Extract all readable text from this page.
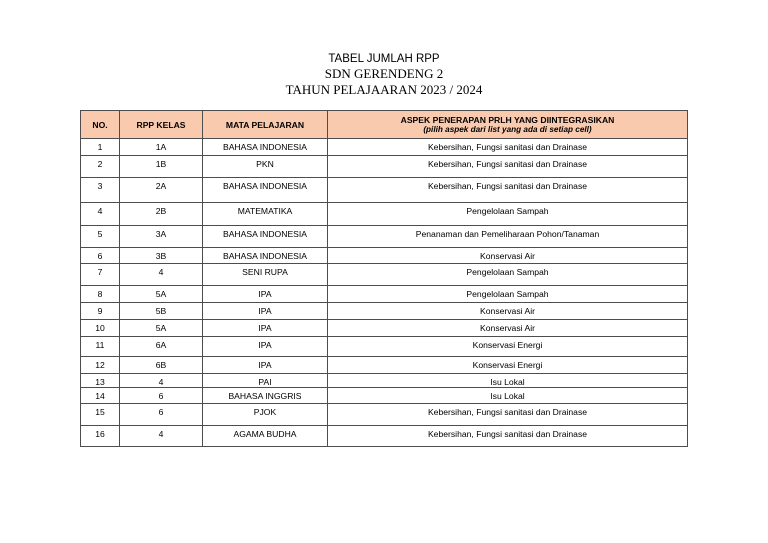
TABEL JUMLAH RPP
SDN GERENDENG 2
TAHUN PELAJAARAN 2023 / 2024
NO.	RPP KELAS	MATA PELAJARAN	ASPEK PENERAPAN PRLH YANG DIINTEGRASIKAN
(pilih aspek dari list yang ada di setiap cell)

1	1A	BAHASA INDONESIA	Kebersihan, Fungsi sanitasi dan Drainase
2	1B	PKN	Kebersihan, Fungsi sanitasi dan Drainase
3	2A	BAHASA INDONESIA	Kebersihan, Fungsi sanitasi dan Drainase
4	2B	MATEMATIKA	Pengelolaan Sampah
5	3A	BAHASA INDONESIA	Penanaman dan Pemeliharaan Pohon/Tanaman
6	3B	BAHASA INDONESIA	Konservasi Air
7	4	SENI RUPA	Pengelolaan Sampah
8	5A	IPA	Pengelolaan Sampah
9	5B	IPA	Konservasi Air
10	5A	IPA	Konservasi Air
11	6A	IPA	Konservasi Energi
12	6B	IPA	Konservasi Energi
13	4	PAI	Isu Lokal
14	6	BAHASA INGGRIS	Isu Lokal
15	6	PJOK	Kebersihan, Fungsi sanitasi dan Drainase
16	4	AGAMA BUDHA	Kebersihan, Fungsi sanitasi dan Drainase
